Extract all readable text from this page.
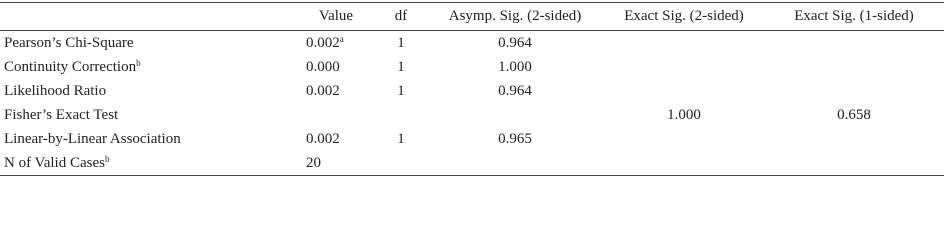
	Value	df	Asymp. Sig. (2-sided)	Exact Sig. (2-sided)	Exact Sig. (1-sided)
Pearson’s Chi-Square	0.002$^a$	1	0.964		
Continuity Correction$^b$	0.000	1	1.000		
Likelihood Ratio	0.002	1	0.964		
Fisher’s Exact Test				1.000	0.658
Linear-by-Linear Association	0.002	1	0.965		
N of Valid Cases$^b$	20				
